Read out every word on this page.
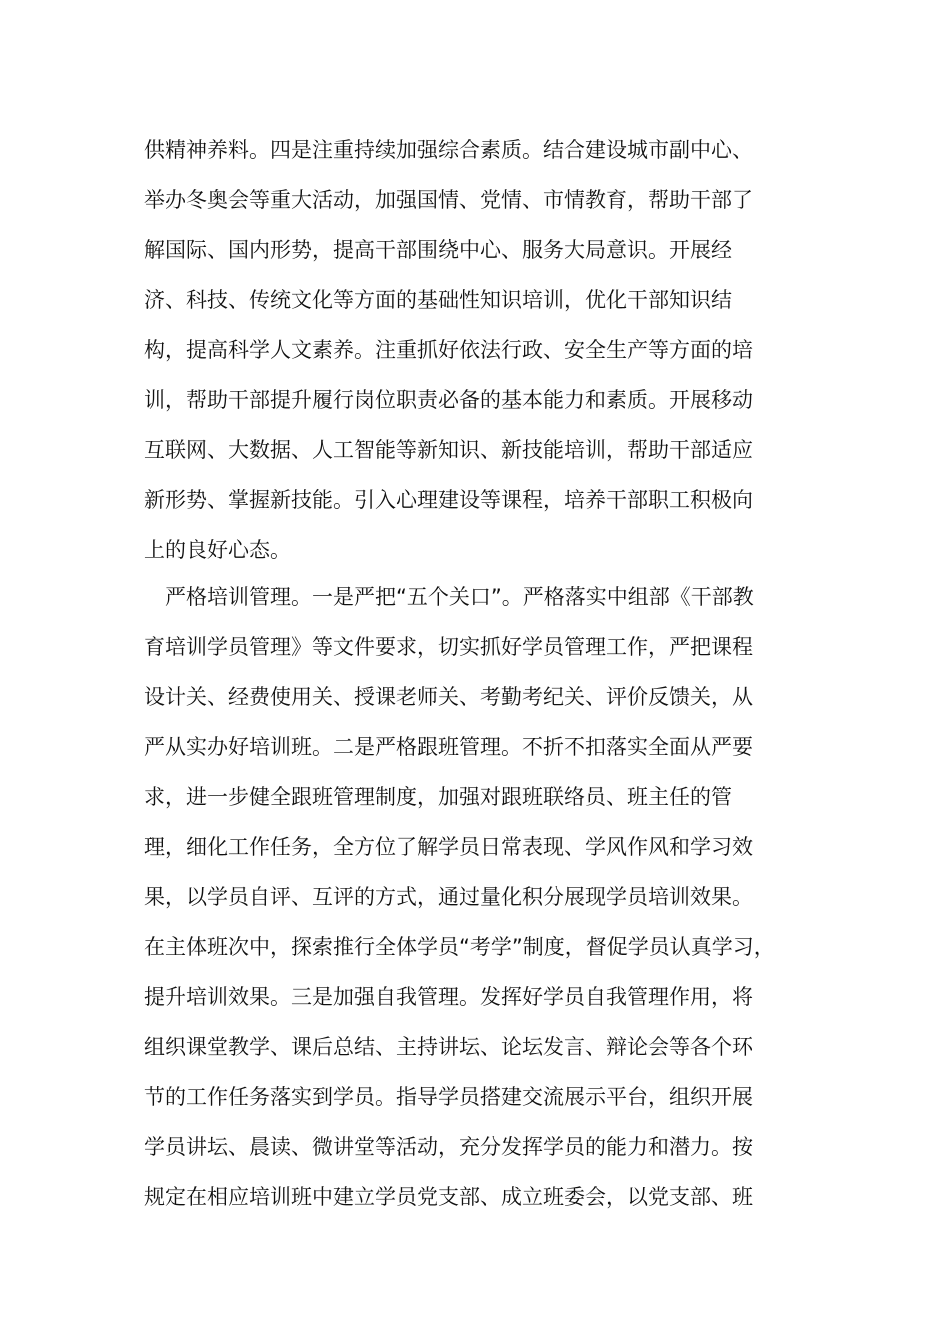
供精神养料。四是注重持续加强综合素质。结合建设城市副中心、
举办冬奥会等重大活动，加强国情、党情、市情教育，帮助干部了
解国际、国内形势，提高干部围绕中心、服务大局意识。开展经
济、科技、传统文化等方面的基础性知识培训，优化干部知识结
构，提高科学人文素养。注重抓好依法行政、安全生产等方面的培
训，帮助干部提升履行岗位职责必备的基本能力和素质。开展移动
互联网、大数据、人工智能等新知识、新技能培训，帮助干部适应
新形势、掌握新技能。引入心理建设等课程，培养干部职工积极向
上的良好心态。
　严格培训管理。一是严把“五个关口”。严格落实中组部《干部教
育培训学员管理》等文件要求，切实抓好学员管理工作，严把课程
设计关、经费使用关、授课老师关、考勤考纪关、评价反馈关，从
严从实办好培训班。二是严格跟班管理。不折不扣落实全面从严要
求，进一步健全跟班管理制度，加强对跟班联络员、班主任的管
理，细化工作任务，全方位了解学员日常表现、学风作风和学习效
果，以学员自评、互评的方式，通过量化积分展现学员培训效果。
在主体班次中，探索推行全体学员“考学”制度，督促学员认真学习，
提升培训效果。三是加强自我管理。发挥好学员自我管理作用，将
组织课堂教学、课后总结、主持讲坛、论坛发言、辩论会等各个环
节的工作任务落实到学员。指导学员搭建交流展示平台，组织开展
学员讲坛、晨读、微讲堂等活动，充分发挥学员的能力和潜力。按
规定在相应培训班中建立学员党支部、成立班委会，以党支部、班
